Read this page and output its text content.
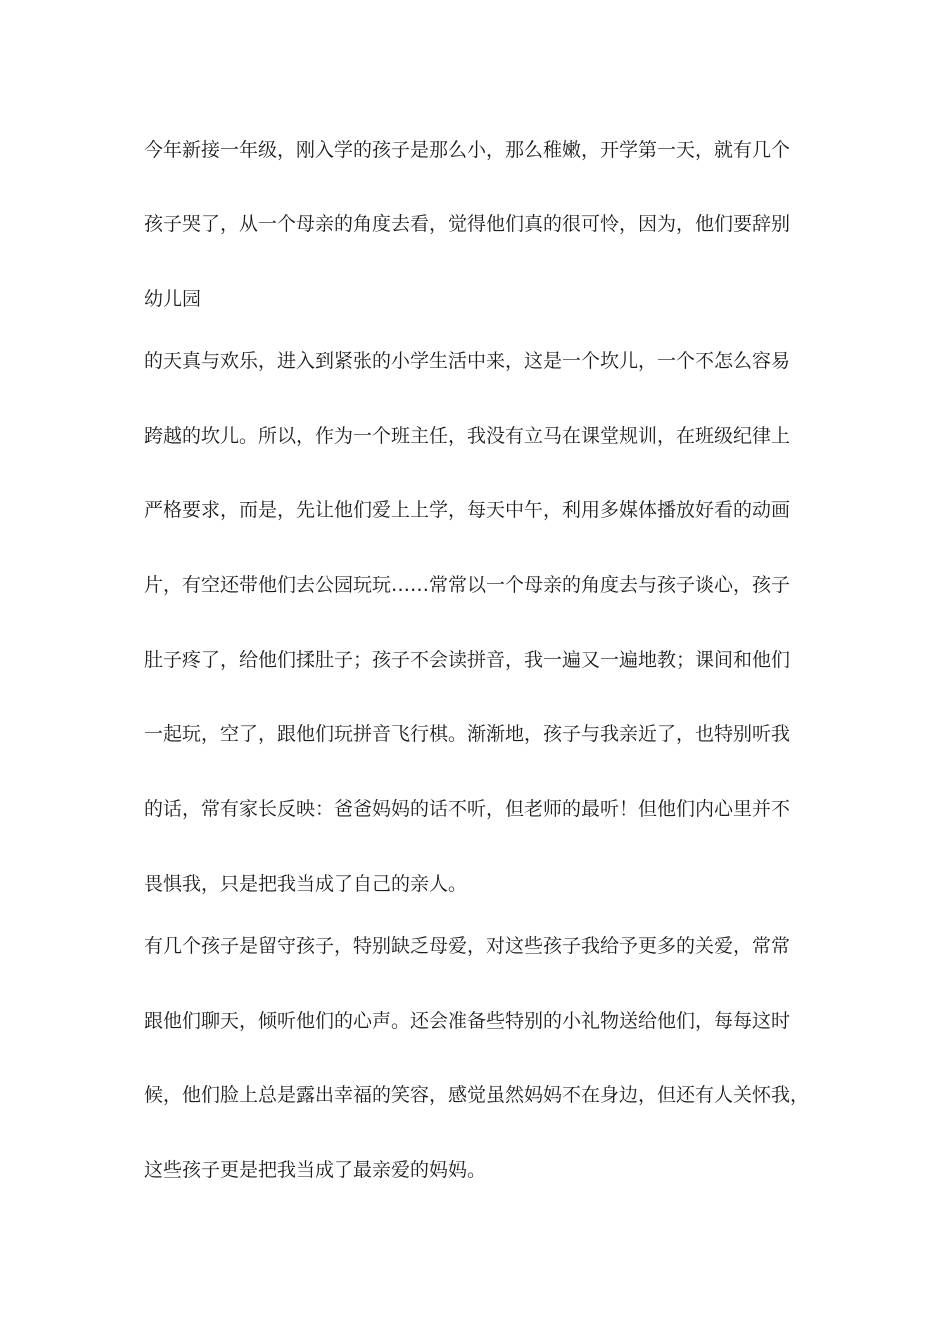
今年新接一年级，刚入学的孩子是那么小，那么稚嫩，开学第一天，就有几个
孩子哭了，从一个母亲的角度去看，觉得他们真的很可怜，因为，他们要辞别
幼儿园
的天真与欢乐，进入到紧张的小学生活中来，这是一个坎儿，一个不怎么容易
跨越的坎儿。所以，作为一个班主任，我没有立马在课堂规训，在班级纪律上
严格要求，而是，先让他们爱上上学，每天中午，利用多媒体播放好看的动画
片，有空还带他们去公园玩玩……常常以一个母亲的角度去与孩子谈心，孩子
肚子疼了，给他们揉肚子；孩子不会读拼音，我一遍又一遍地教；课间和他们
一起玩，空了，跟他们玩拼音飞行棋。渐渐地，孩子与我亲近了，也特别听我
的话，常有家长反映：爸爸妈妈的话不听，但老师的最听！但他们内心里并不
畏惧我，只是把我当成了自己的亲人。
有几个孩子是留守孩子，特别缺乏母爱，对这些孩子我给予更多的关爱，常常
跟他们聊天，倾听他们的心声。还会准备些特别的小礼物送给他们，每每这时
候，他们脸上总是露出幸福的笑容，感觉虽然妈妈不在身边，但还有人关怀我，
这些孩子更是把我当成了最亲爱的妈妈。
